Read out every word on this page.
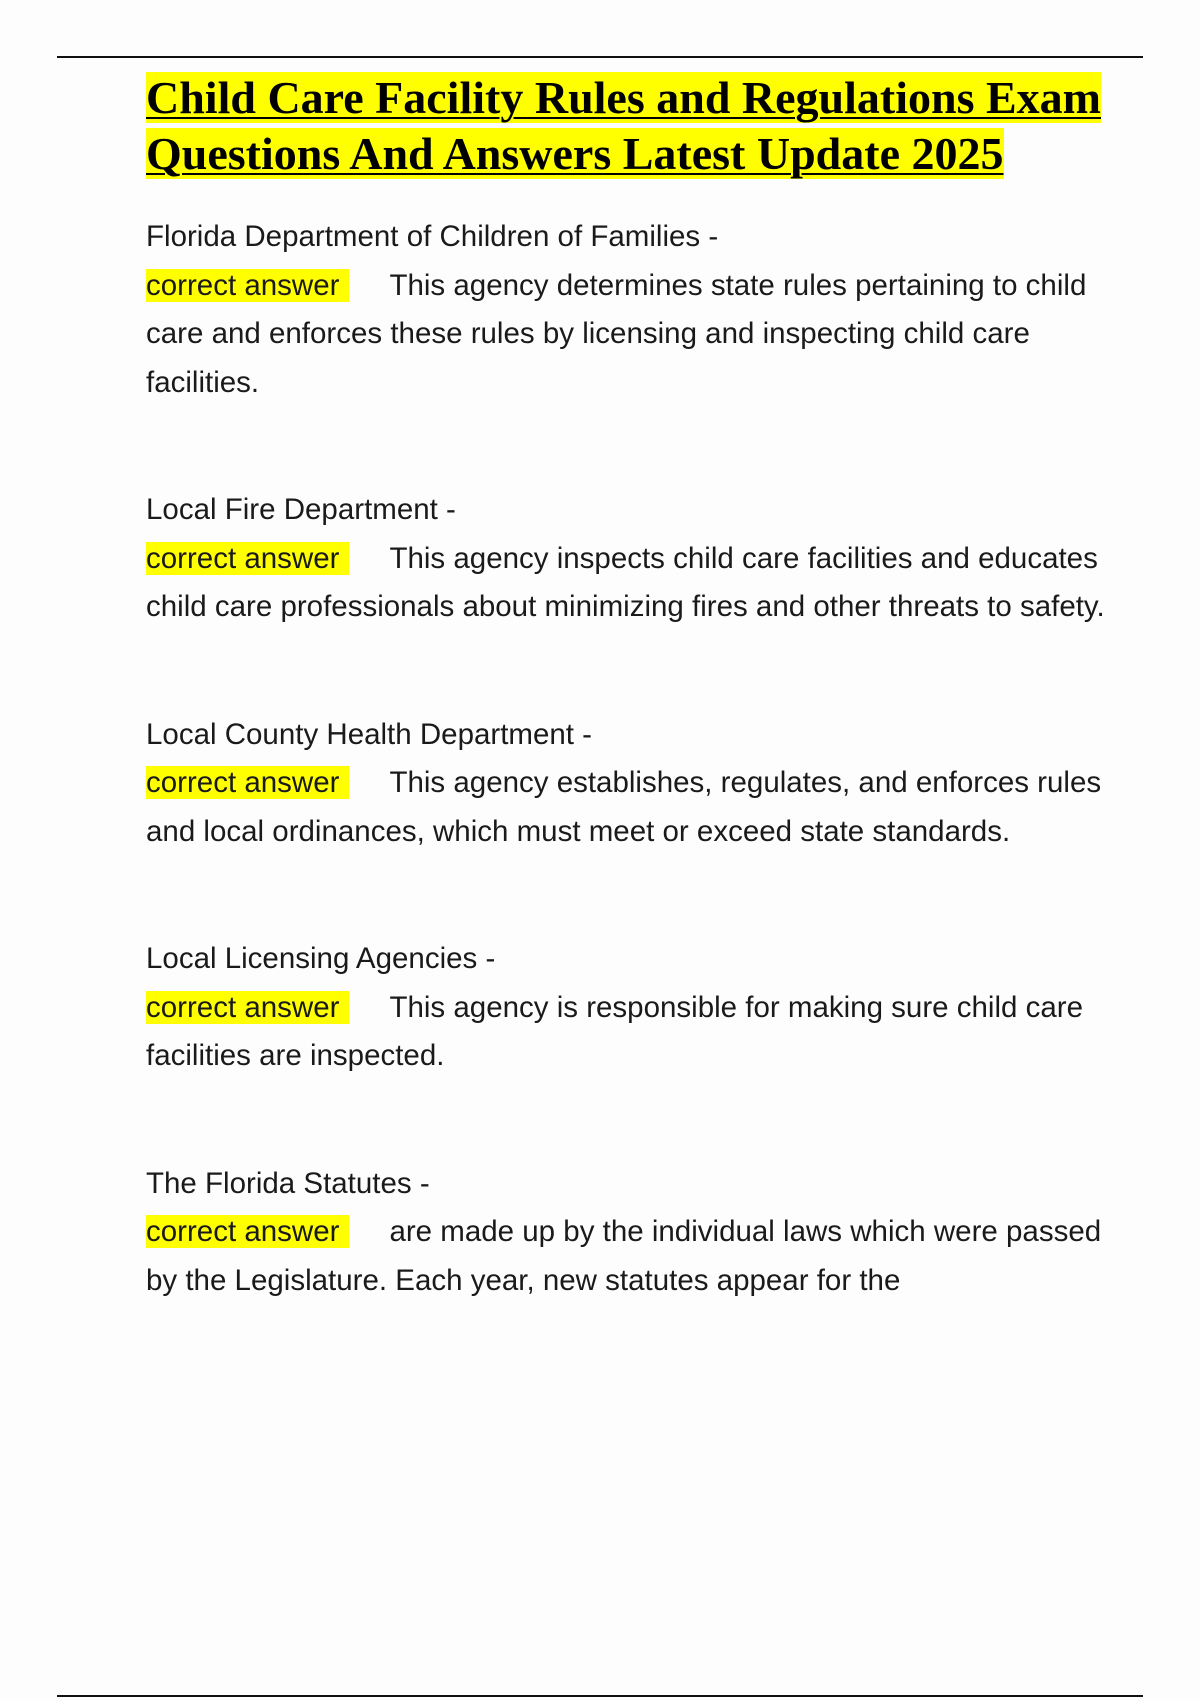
Child Care Facility Rules and Regulations Exam Questions And Answers Latest Update 2025

Florida Department of Children of Families -

correct answer This agency determines state rules pertaining to child care and enforces these rules by licensing and inspecting child care facilities.

Local Fire Department -

correct answer This agency inspects child care facilities and educates child care professionals about minimizing fires and other threats to safety.

Local County Health Department -

correct answer This agency establishes, regulates, and enforces rules and local ordinances, which must meet or exceed state standards.

Local Licensing Agencies -

correct answer This agency is responsible for making sure child care facilities are inspected.

The Florida Statutes -

correct answer are made up by the individual laws which were passed by the Legislature. Each year, new statutes appear for the
